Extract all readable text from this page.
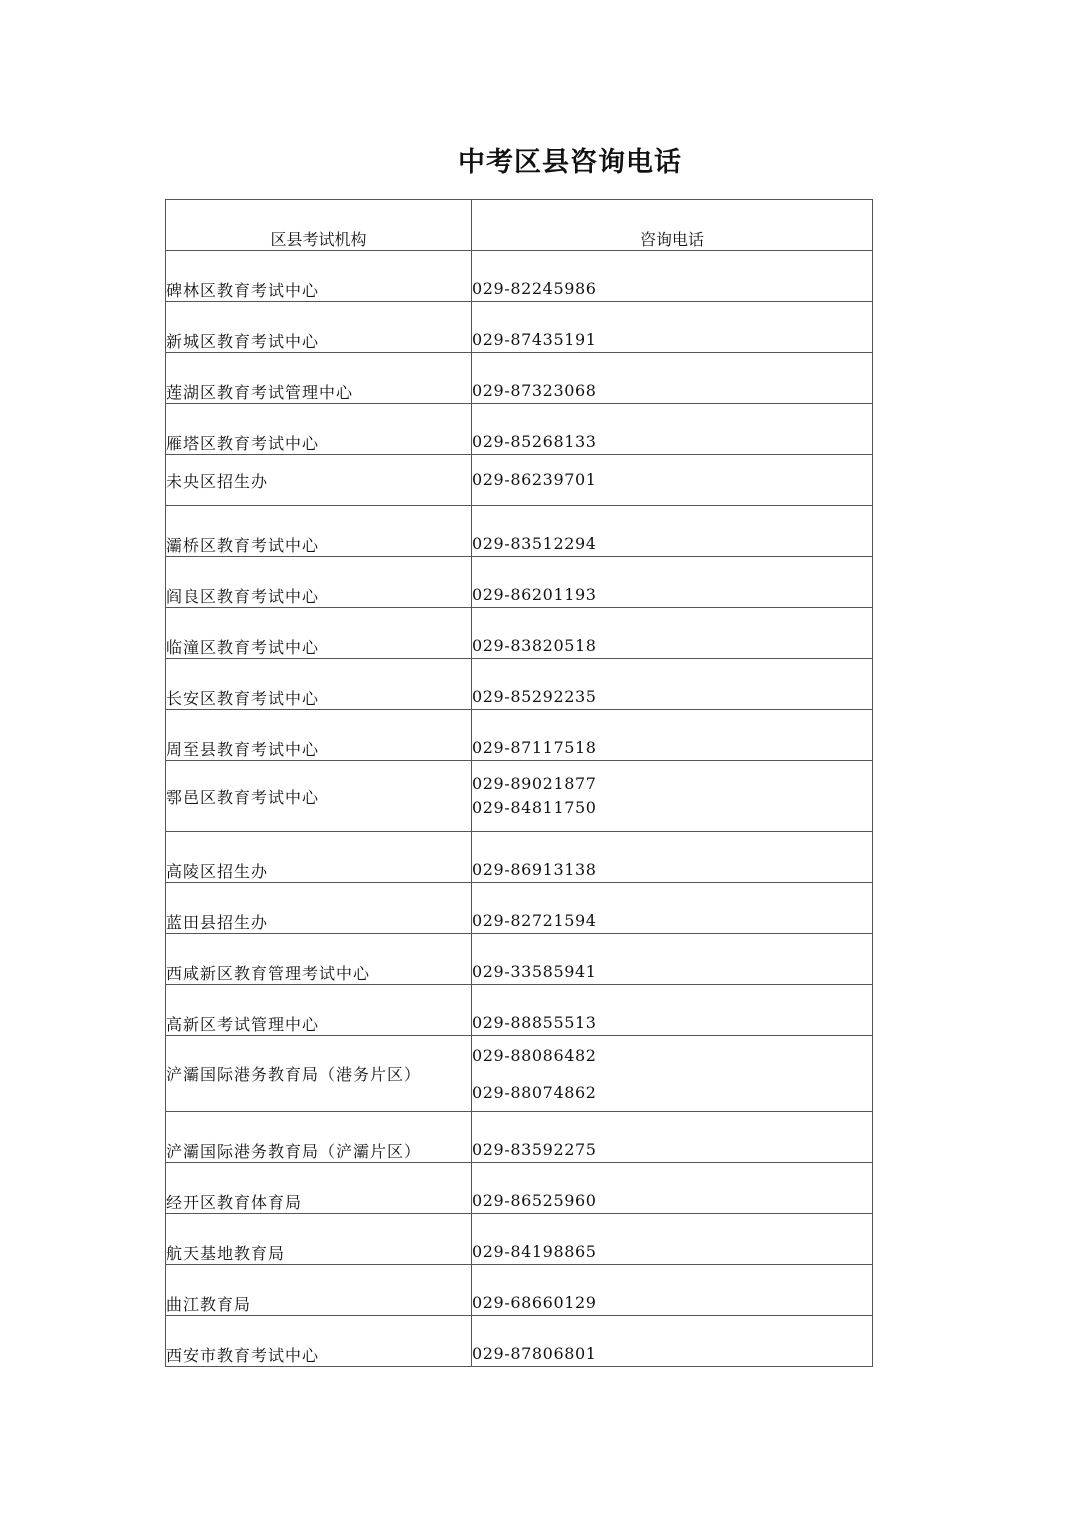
中考区县咨询电话
区县考试机构	咨询电话
碑林区教育考试中心	029-82245986

新城区教育考试中心	029-87435191

莲湖区教育考试管理中心	029-87323068

雁塔区教育考试中心	029-85268133

未央区招生办	029-86239701

灞桥区教育考试中心	029-83512294

阎良区教育考试中心	029-86201193

临潼区教育考试中心	029-83820518

长安区教育考试中心	029-85292235

周至县教育考试中心	029-87117518

鄠邑区教育考试中心	029-89021877
029-84811750

高陵区招生办	029-86913138

蓝田县招生办	029-82721594

西咸新区教育管理考试中心	029-33585941

高新区考试管理中心	029-88855513

浐灞国际港务教育局（港务片区）	029-88086482
029-88074862

浐灞国际港务教育局（浐灞片区）	029-83592275

经开区教育体育局	029-86525960

航天基地教育局	029-84198865

曲江教育局	029-68660129

西安市教育考试中心	029-87806801
